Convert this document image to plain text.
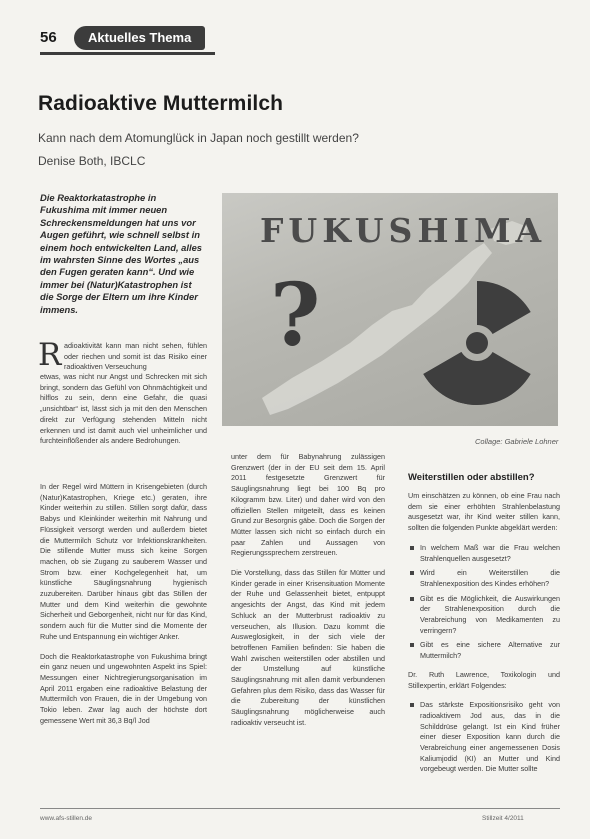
56	Aktuelles Thema
Radioaktive Muttermilch
Kann nach dem Atomunglück in Japan noch gestillt werden?
Denise Both, IBCLC
Die Reaktorkatastrophe in Fukushima mit immer neuen Schreckensmeldungen hat uns vor Augen geführt, wie schnell selbst in einem hoch entwickelten Land, alles im wahrsten Sinne des Wortes „aus den Fugen geraten kann“. Und wie immer bei (Natur)Katastrophen ist die Sorge der Eltern um ihre Kinder immens.	?
FUKUSHIMA
Collage: Gabriele Lohner
R adioaktivität kann man nicht sehen, fühlen oder riechen und somit ist das Risiko einer radioaktiven Verseuchung
etwas, was nicht nur Angst und Schrecken mit sich bringt, sondern das Gefühl von Ohnmächtigkeit und hilflos zu sein, denn eine Gefahr, die quasi „unsichtbar“ ist, lässt sich ja mit den den Menschen direkt zur Verfügung stehenden Mitteln nicht erkennen und ist damit auch viel unheimlicher und furchteinflößender als andere Bedrohungen.

In der Regel wird Müttern in Krisengebieten (durch (Natur)Katastrophen, Kriege etc.) geraten, ihre Kinder weiterhin zu stillen. Stillen sorgt dafür, dass Babys und Kleinkinder weiterhin mit Nahrung und Flüssigkeit versorgt werden und außerdem bietet die Muttermilch Schutz vor Infektionskrankheiten. Die stillende Mutter muss sich keine Sorgen machen, ob sie Zugang zu sauberem Wasser und Strom bzw. einer Kochgelegenheit hat, um künstliche Säuglingsnahrung hygienisch zuzubereiten. Darüber hinaus gibt das Stillen der Mutter und dem Kind weiterhin die gewohnte Sicherheit und Geborgenheit, nicht nur für das Kind, sondern auch für die Mutter sind die Momente der Ruhe und Entspannung ein wichtiger Anker.

Doch die Reaktorkatastrophe von Fukushima bringt ein ganz neuen und ungewohnten Aspekt ins Spiel: Messungen einer Nichtregierungsorganisation im April 2011 ergaben eine radioaktive Belastung der Muttermilch von Frauen, die in der Umgebung von Tokio leben. Zwar lag auch der höchste dort gemessene Wert mit 36,3 Bq/l Jod

unter dem für Babynahrung zulässigen Grenzwert (der in der EU seit dem 15. April 2011 festgesetzte Grenzwert für Säuglingsnahrung liegt bei 100 Bq pro Kilogramm bzw. Liter) und daher wird von den offiziellen Stellen mitgeteilt, dass es keinen Grund zur Besorgnis gäbe. Doch die Sorgen der Mütter lassen sich nicht so einfach durch ein paar Zahlen und Aussagen von Regierungssprechern zerstreuen.

Die Vorstellung, dass das Stillen für Mütter und Kinder gerade in einer Krisensituation Momente der Ruhe und Gelassenheit bietet, entpuppt angesichts der Angst, das Kind mit jedem Schluck an der Mutterbrust radioaktiv zu verseuchen, als Illusion. Dazu kommt die Ausweglosigkeit, in der sich viele der betroffenen Familien befinden: Sie haben die Wahl zwischen weiterstillen oder abstillen und der Umstellung auf künstliche Säuglingsnahrung mit allen damit verbundenen Gefahren plus dem Risiko, dass das Wasser für die Zubereitung der künstlichen Säuglingsnahrung möglicherweise auch radioaktiv verseucht ist.

Weiterstillen oder abstillen?

Um einschätzen zu können, ob eine Frau nach dem sie einer erhöhten Strahlenbelastung ausgesetzt war, ihr Kind weiter stillen kann, sollten die folgenden Punkte abgeklärt werden:

In welchem Maß war die Frau welchen Strahlenquellen ausgesetzt?
Wird ein Weiterstillen die Strahlenexposition des Kindes erhöhen?
Gibt es die Möglichkeit, die Auswirkungen der Strahlenexposition durch die Verabreichung von Medikamenten zu verringern?
Gibt es eine sichere Alternative zur Muttermilch?

Dr. Ruth Lawrence, Toxikologin und Stillexpertin, erklärt Folgendes:

Das stärkste Expositionsrisiko geht von radioaktivem Jod aus, das in die Schilddrüse gelangt. Ist ein Kind früher einer dieser Exposition kann durch die Verabreichung einer angemessenen Dosis Kaliumjodid (KI) an Mutter und Kind vorgebeugt werden. Die Mutter sollte
www.afs-stillen.de	Stillzeit 4/2011
